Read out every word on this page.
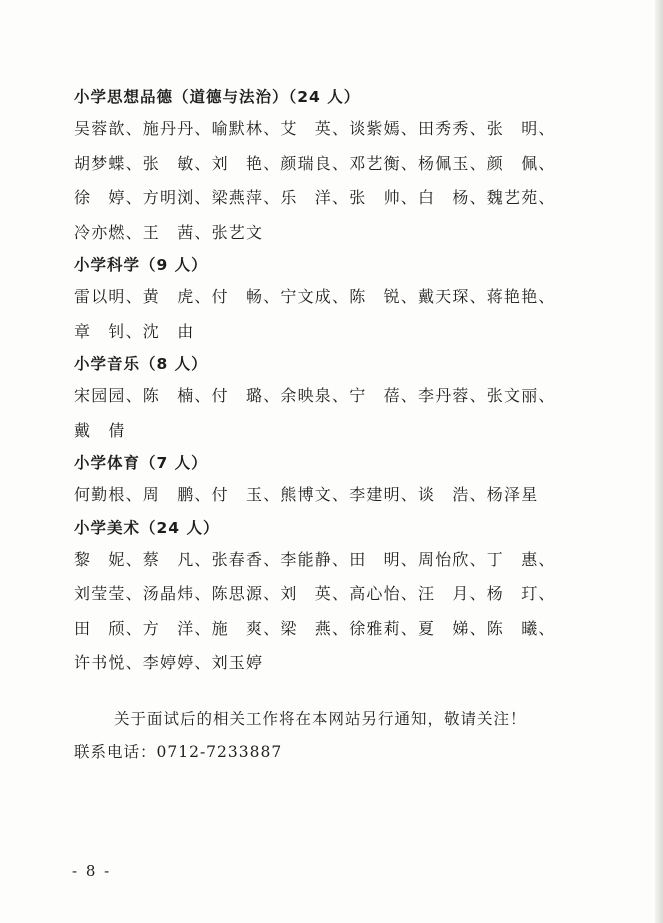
小学思想品德（道德与法治）（24 人）

吴蓉歆、施丹丹、喻默林、艾　英、谈紫嫣、田秀秀、张　明、
胡梦蝶、张　敏、刘　艳、颜瑞良、邓艺衡、杨佩玉、颜　佩、
徐　婷、方明浏、梁燕萍、乐　洋、张　帅、白　杨、魏艺苑、
冷亦燃、王　茜、张艺文

小学科学（9 人）

雷以明、黄　虎、付　畅、宁文成、陈　锐、戴天琛、蒋艳艳、
章　钊、沈　由

小学音乐（8 人）

宋园园、陈　楠、付　璐、余映泉、宁　蓓、李丹蓉、张文丽、
戴　倩

小学体育（7 人）

何勤根、周　鹏、付　玉、熊博文、李建明、谈　浩、杨泽星

小学美术（24 人）

黎　妮、蔡　凡、张春香、李能静、田　明、周怡欣、丁　惠、
刘莹莹、汤晶炜、陈思源、刘　英、高心怡、汪　月、杨　玎、
田　颀、方　洋、施　爽、梁　燕、徐雅莉、夏　娣、陈　曦、
许书悦、李婷婷、刘玉婷

关于面试后的相关工作将在本网站另行通知，敬请关注！
联系电话：0712-7233887
- 8 -
